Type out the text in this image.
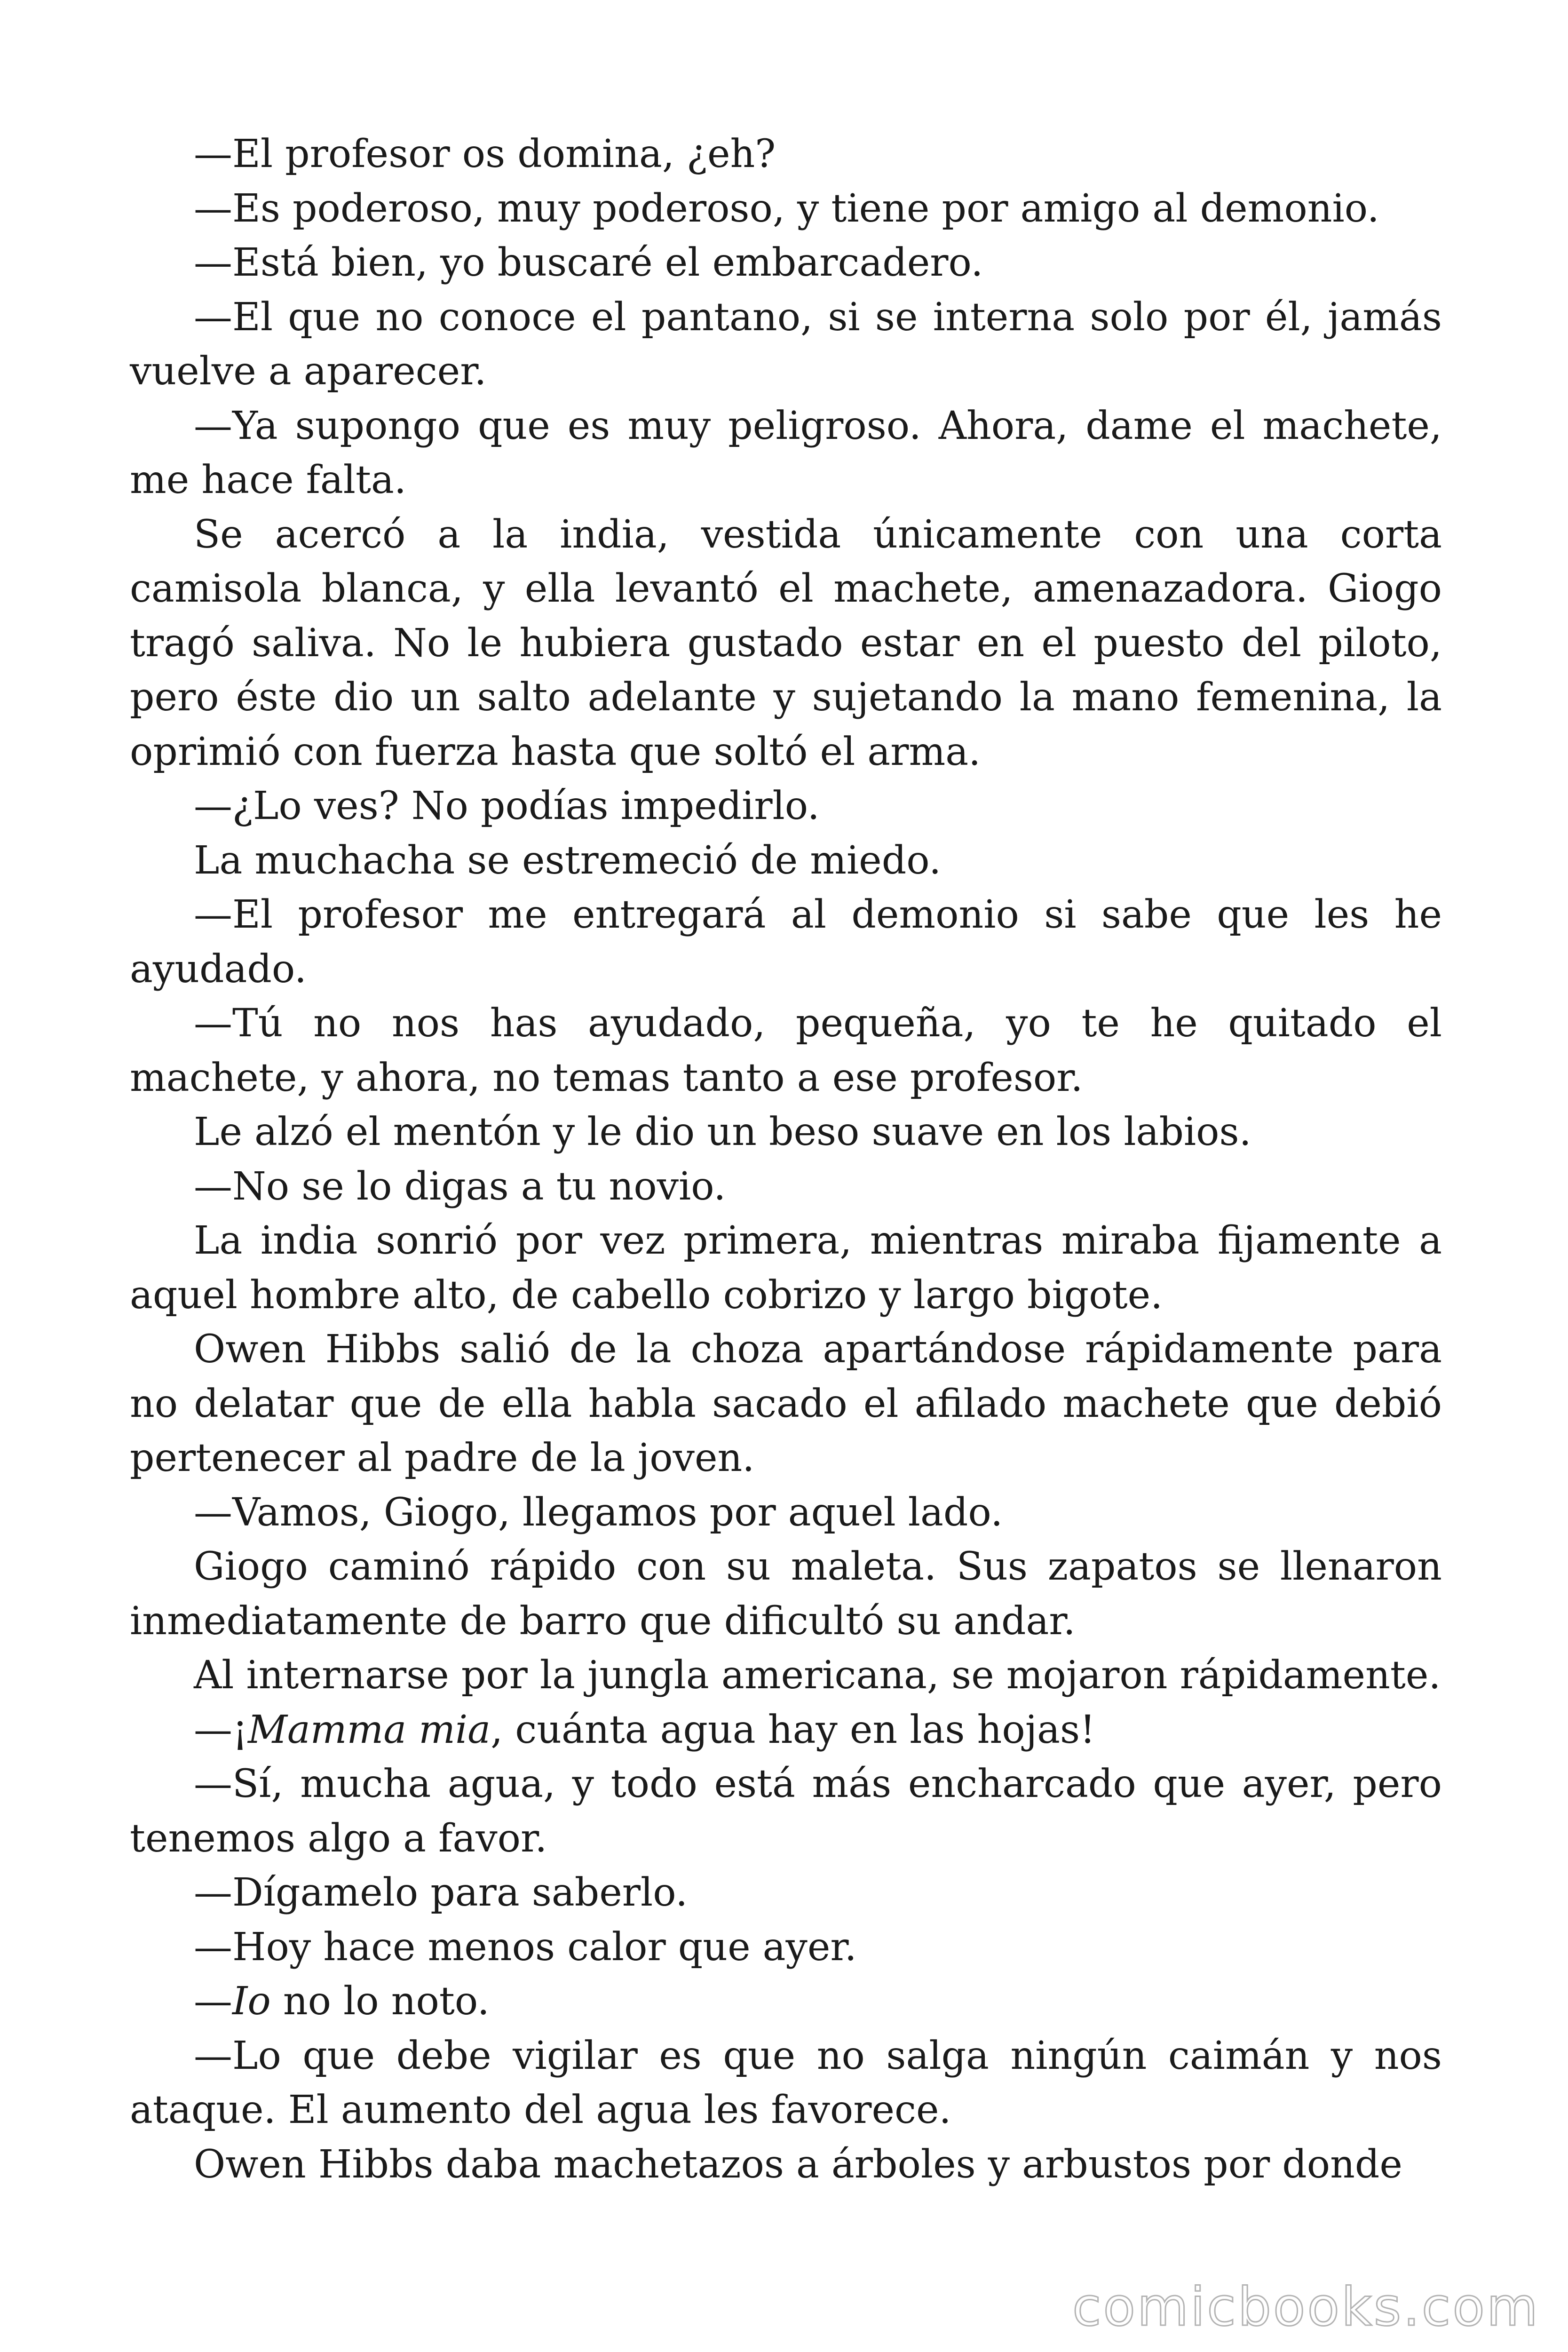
—El profesor os domina, ¿eh?

—Es poderoso, muy poderoso, y tiene por amigo al demonio.

—Está bien, yo buscaré el embarcadero.

—El que no conoce el pantano, si se interna solo por él, jamás vuelve a aparecer.

—Ya supongo que es muy peligroso. Ahora, dame el machete, me hace falta.

Se acercó a la india, vestida únicamente con una corta camisola blanca, y ella levantó el machete, amenazadora. Giogo tragó saliva. No le hubiera gustado estar en el puesto del piloto, pero éste dio un salto adelante y sujetando la mano femenina, la oprimió con fuerza hasta que soltó el arma.

—¿Lo ves? No podías impedirlo.

La muchacha se estremeció de miedo.

—El profesor me entregará al demonio si sabe que les he ayudado.

—Tú no nos has ayudado, pequeña, yo te he quitado el machete, y ahora, no temas tanto a ese profesor.

Le alzó el mentón y le dio un beso suave en los labios.

—No se lo digas a tu novio.

La india sonrió por vez primera, mientras miraba fijamente a aquel hombre alto, de cabello cobrizo y largo bigote.

Owen Hibbs salió de la choza apartándose rápidamente para no delatar que de ella habla sacado el afilado machete que debió pertenecer al padre de la joven.

—Vamos, Giogo, llegamos por aquel lado.

Giogo caminó rápido con su maleta. Sus zapatos se llenaron inmediatamente de barro que dificultó su andar.

Al internarse por la jungla americana, se mojaron rápidamente.

—¡Mamma mia, cuánta agua hay en las hojas!

—Sí, mucha agua, y todo está más encharcado que ayer, pero tenemos algo a favor.

—Dígamelo para saberlo.

—Hoy hace menos calor que ayer.

—Io no lo noto.

—Lo que debe vigilar es que no salga ningún caimán y nos ataque. El aumento del agua les favorece.

Owen Hibbs daba machetazos a árboles y arbustos por donde

comicbooks.com
